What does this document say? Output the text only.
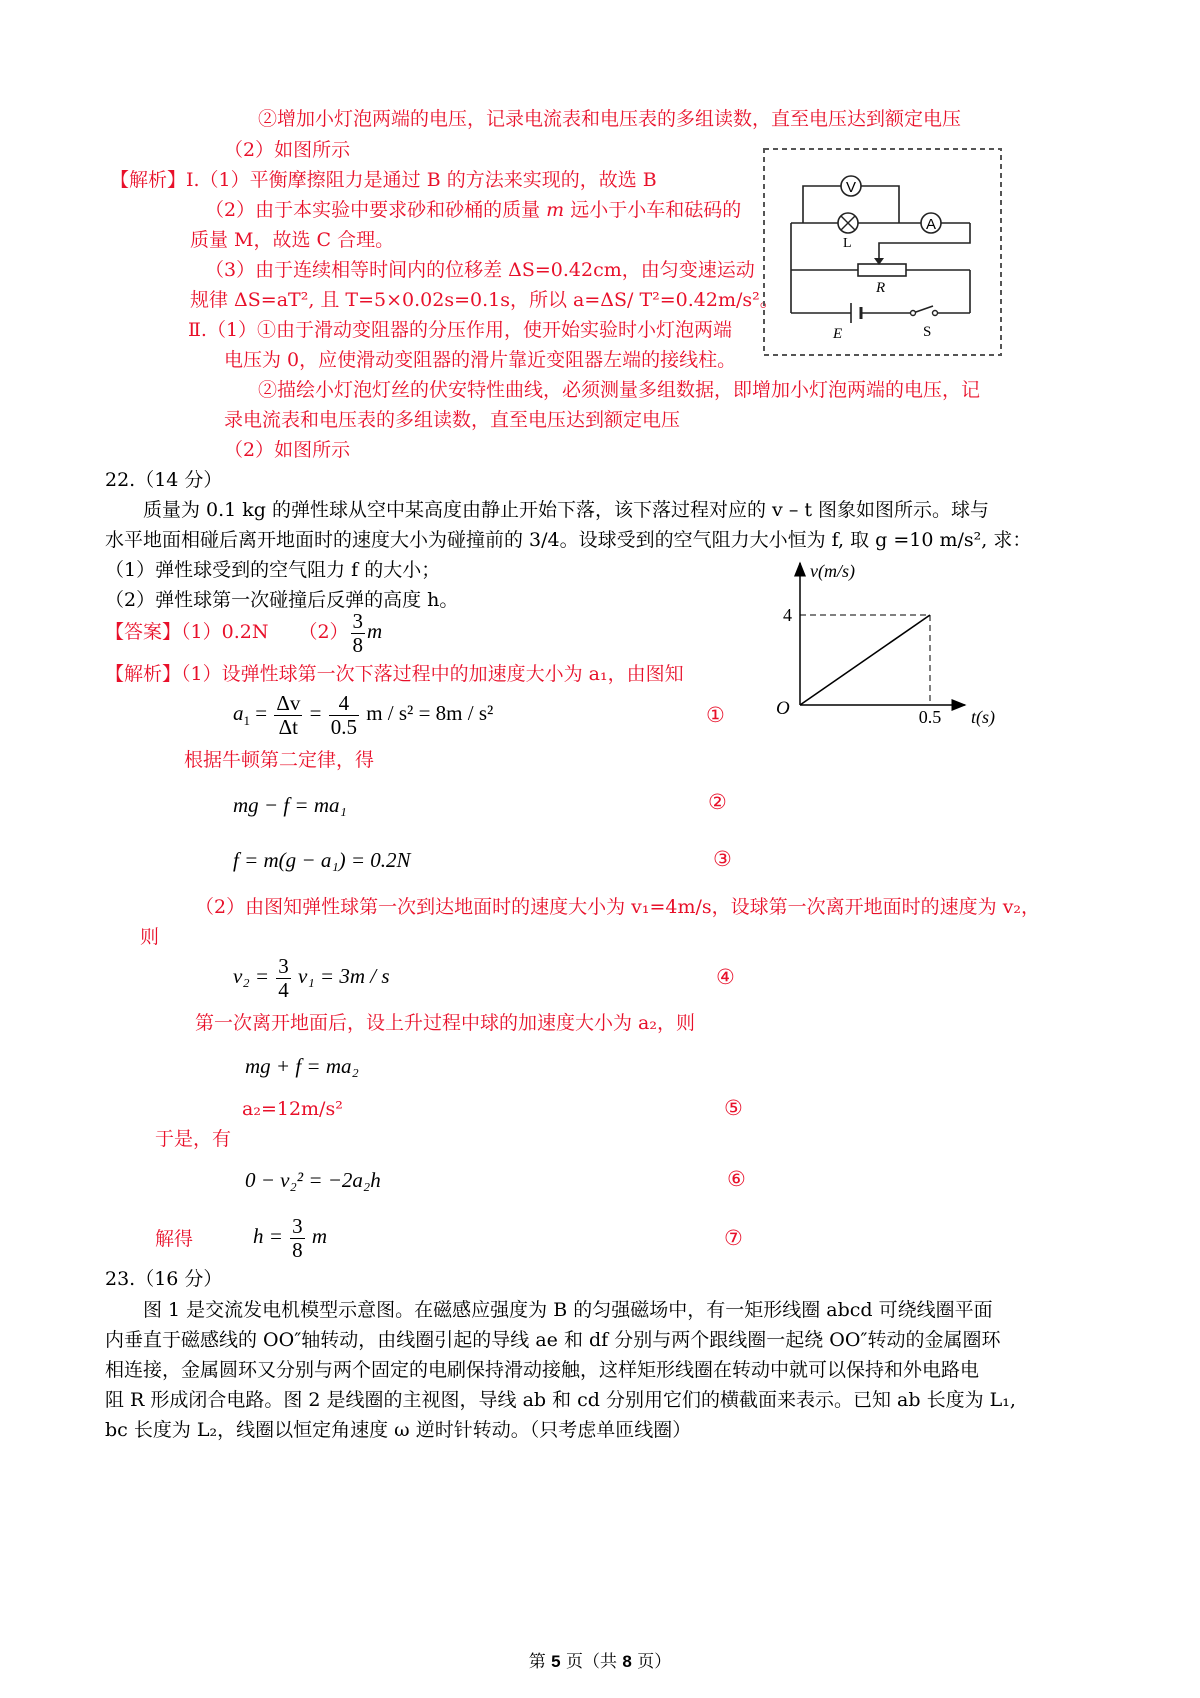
②增加小灯泡两端的电压，记录电流表和电压表的多组读数，直至电压达到额定电压
（2）如图所示
【解析】Ⅰ.（1）平衡摩擦阻力是通过 B 的方法来实现的，故选 B
（2）由于本实验中要求砂和砂桶的质量 m 远小于小车和砝码的
质量 M，故选 C 合理。
（3）由于连续相等时间内的位移差 ΔS=0.42cm，由匀变速运动
规律 ΔS=aT², 且 T=5×0.02s=0.1s，所以 a=ΔS/ T²=0.42m/s²。
Ⅱ.（1）①由于滑动变阻器的分压作用，使开始实验时小灯泡两端
电压为 0，应使滑动变阻器的滑片靠近变阻器左端的接线柱。
②描绘小灯泡灯丝的伏安特性曲线，必须测量多组数据，即增加小灯泡两端的电压，记
录电流表和电压表的多组读数，直至电压达到额定电压
（2）如图所示
V
L
A
R
E	S
22.（14 分）
质量为 0.1 kg 的弹性球从空中某高度由静止开始下落，该下落过程对应的 v – t 图象如图所示。球与
水平地面相碰后离开地面时的速度大小为碰撞前的 3/4。设球受到的空气阻力大小恒为 f, 取 g =10 m/s², 求：
（1）弹性球受到的空气阻力 f 的大小；
（2）弹性球第一次碰撞后反弹的高度 h。
【答案】（1）0.2N $(2) \frac{3}{8}$ m
【解析】（1）设弹性球第一次下落过程中的加速度大小为 a₁，由图知
$a_1 = \frac{\Delta v}{\Delta t} = \frac{4}{0.5}$ m / s² = 8m / s²	①
根据牛顿第二定律，得
mg − f = ma₁	②
f = m(g − a₁) = 0.2N	③
（2）由图知弹性球第一次到达地面时的速度大小为 v₁=4m/s，设球第一次离开地面时的速度为 v₂，
则
$v_2 = \frac{3}{4} v_1 = 3m / s$	④
第一次离开地面后，设上升过程中球的加速度大小为 a₂，则
mg + f = ma₂
a₂=12m/s²	⑤
于是，有
0 − v₂² = −2a₂h	⑥
解得	$h = \frac{3}{8}$ m	⑦
v(m/s)
t(s)
O
4
0.5
23.（16 分）
图 1 是交流发电机模型示意图。在磁感应强度为 B 的匀强磁场中，有一矩形线圈 abcd 可绕线圈平面
内垂直于磁感线的 OO″轴转动，由线圈引起的导线 ae 和 df 分别与两个跟线圈一起绕 OO″转动的金属圈环
相连接，金属圆环又分别与两个固定的电刷保持滑动接触，这样矩形线圈在转动中就可以保持和外电路电
阻 R 形成闭合电路。图 2 是线圈的主视图，导线 ab 和 cd 分别用它们的横截面来表示。已知 ab 长度为 L₁,
bc 长度为 L₂，线圈以恒定角速度 ω 逆时针转动。（只考虑单匝线圈）
第 5 页（共 8 页）
